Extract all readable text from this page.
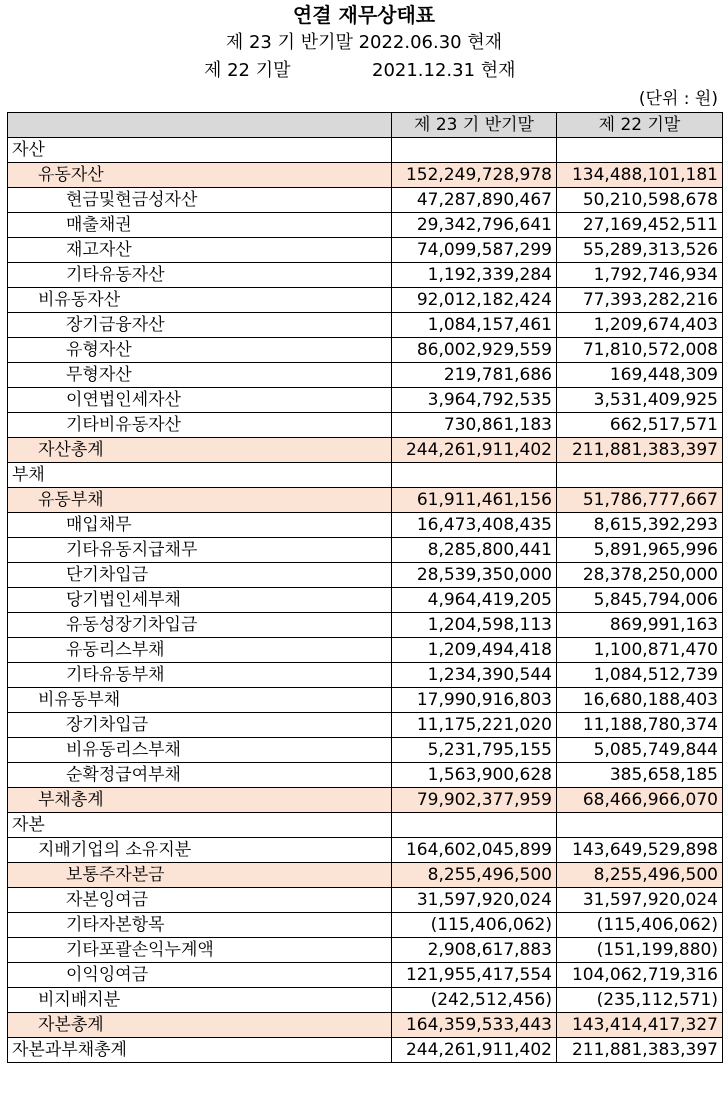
연결 재무상태표
제 23 기 반기말 2022.06.30 현재
제 22 기말	2021.12.31 현재
(단위 : 원)
	제 23 기 반기말	제 22 기말
자산		
유동자산	152,249,728,978	134,488,101,181
현금및현금성자산	47,287,890,467	50,210,598,678
매출채권	29,342,796,641	27,169,452,511
재고자산	74,099,587,299	55,289,313,526
기타유동자산	1,192,339,284	1,792,746,934
비유동자산	92,012,182,424	77,393,282,216
장기금융자산	1,084,157,461	1,209,674,403
유형자산	86,002,929,559	71,810,572,008
무형자산	219,781,686	169,448,309
이연법인세자산	3,964,792,535	3,531,409,925
기타비유동자산	730,861,183	662,517,571
자산총계	244,261,911,402	211,881,383,397
부채		
유동부채	61,911,461,156	51,786,777,667
매입채무	16,473,408,435	8,615,392,293
기타유동지급채무	8,285,800,441	5,891,965,996
단기차입금	28,539,350,000	28,378,250,000
당기법인세부채	4,964,419,205	5,845,794,006
유동성장기차입금	1,204,598,113	869,991,163
유동리스부채	1,209,494,418	1,100,871,470
기타유동부채	1,234,390,544	1,084,512,739
비유동부채	17,990,916,803	16,680,188,403
장기차입금	11,175,221,020	11,188,780,374
비유동리스부채	5,231,795,155	5,085,749,844
순확정급여부채	1,563,900,628	385,658,185
부채총계	79,902,377,959	68,466,966,070
자본		
지배기업의 소유지분	164,602,045,899	143,649,529,898
보통주자본금	8,255,496,500	8,255,496,500
자본잉여금	31,597,920,024	31,597,920,024
기타자본항목	(115,406,062)	(115,406,062)
기타포괄손익누계액	2,908,617,883	(151,199,880)
이익잉여금	121,955,417,554	104,062,719,316
비지배지분	(242,512,456)	(235,112,571)
자본총계	164,359,533,443	143,414,417,327
자본과부채총계	244,261,911,402	211,881,383,397
